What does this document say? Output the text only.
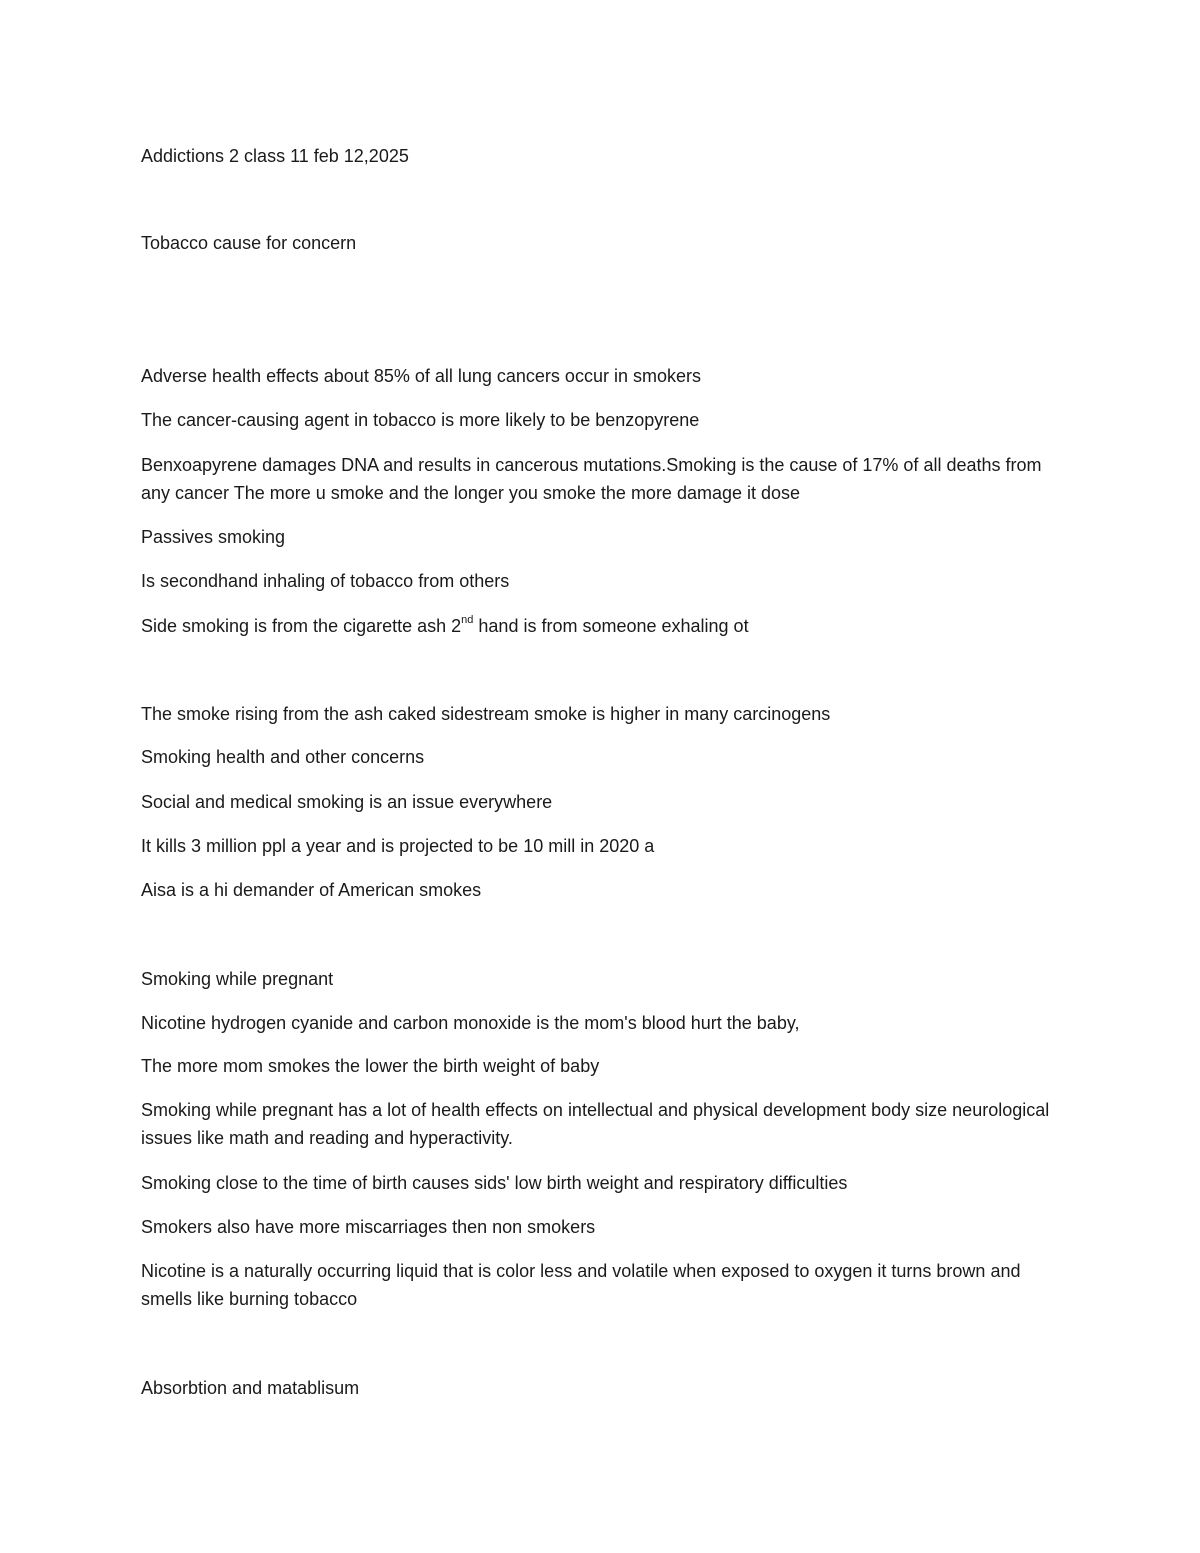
Addictions 2 class 11 feb 12,2025

Tobacco cause for concern

Adverse health effects about 85% of all lung cancers occur in smokers

The cancer-causing agent in tobacco is more likely to be benzopyrene

Benxoapyrene damages DNA and results in cancerous mutations.Smoking is the cause of 17% of all deaths from any cancer The more u smoke and the longer you smoke the more damage it dose

Passives smoking

Is secondhand inhaling of tobacco from others

Side smoking is from the cigarette ash 2nd hand is from someone exhaling ot

The smoke rising from the ash caked sidestream smoke is higher in many carcinogens

Smoking health and other concerns

Social and medical smoking is an issue everywhere

It kills 3 million ppl a year and is projected to be 10 mill in 2020 a

Aisa is a hi demander of American smokes

Smoking while pregnant

Nicotine hydrogen cyanide and carbon monoxide is the mom's blood hurt the baby,

The more mom smokes the lower the birth weight of baby

Smoking while pregnant has a lot of health effects on intellectual and physical development body size neurological issues like math and reading and hyperactivity.

Smoking close to the time of birth causes sids' low birth weight and respiratory difficulties

Smokers also have more miscarriages then non smokers

Nicotine is a naturally occurring liquid that is color less and volatile when exposed to oxygen it turns brown and smells like burning tobacco

Absorbtion and matablisum
